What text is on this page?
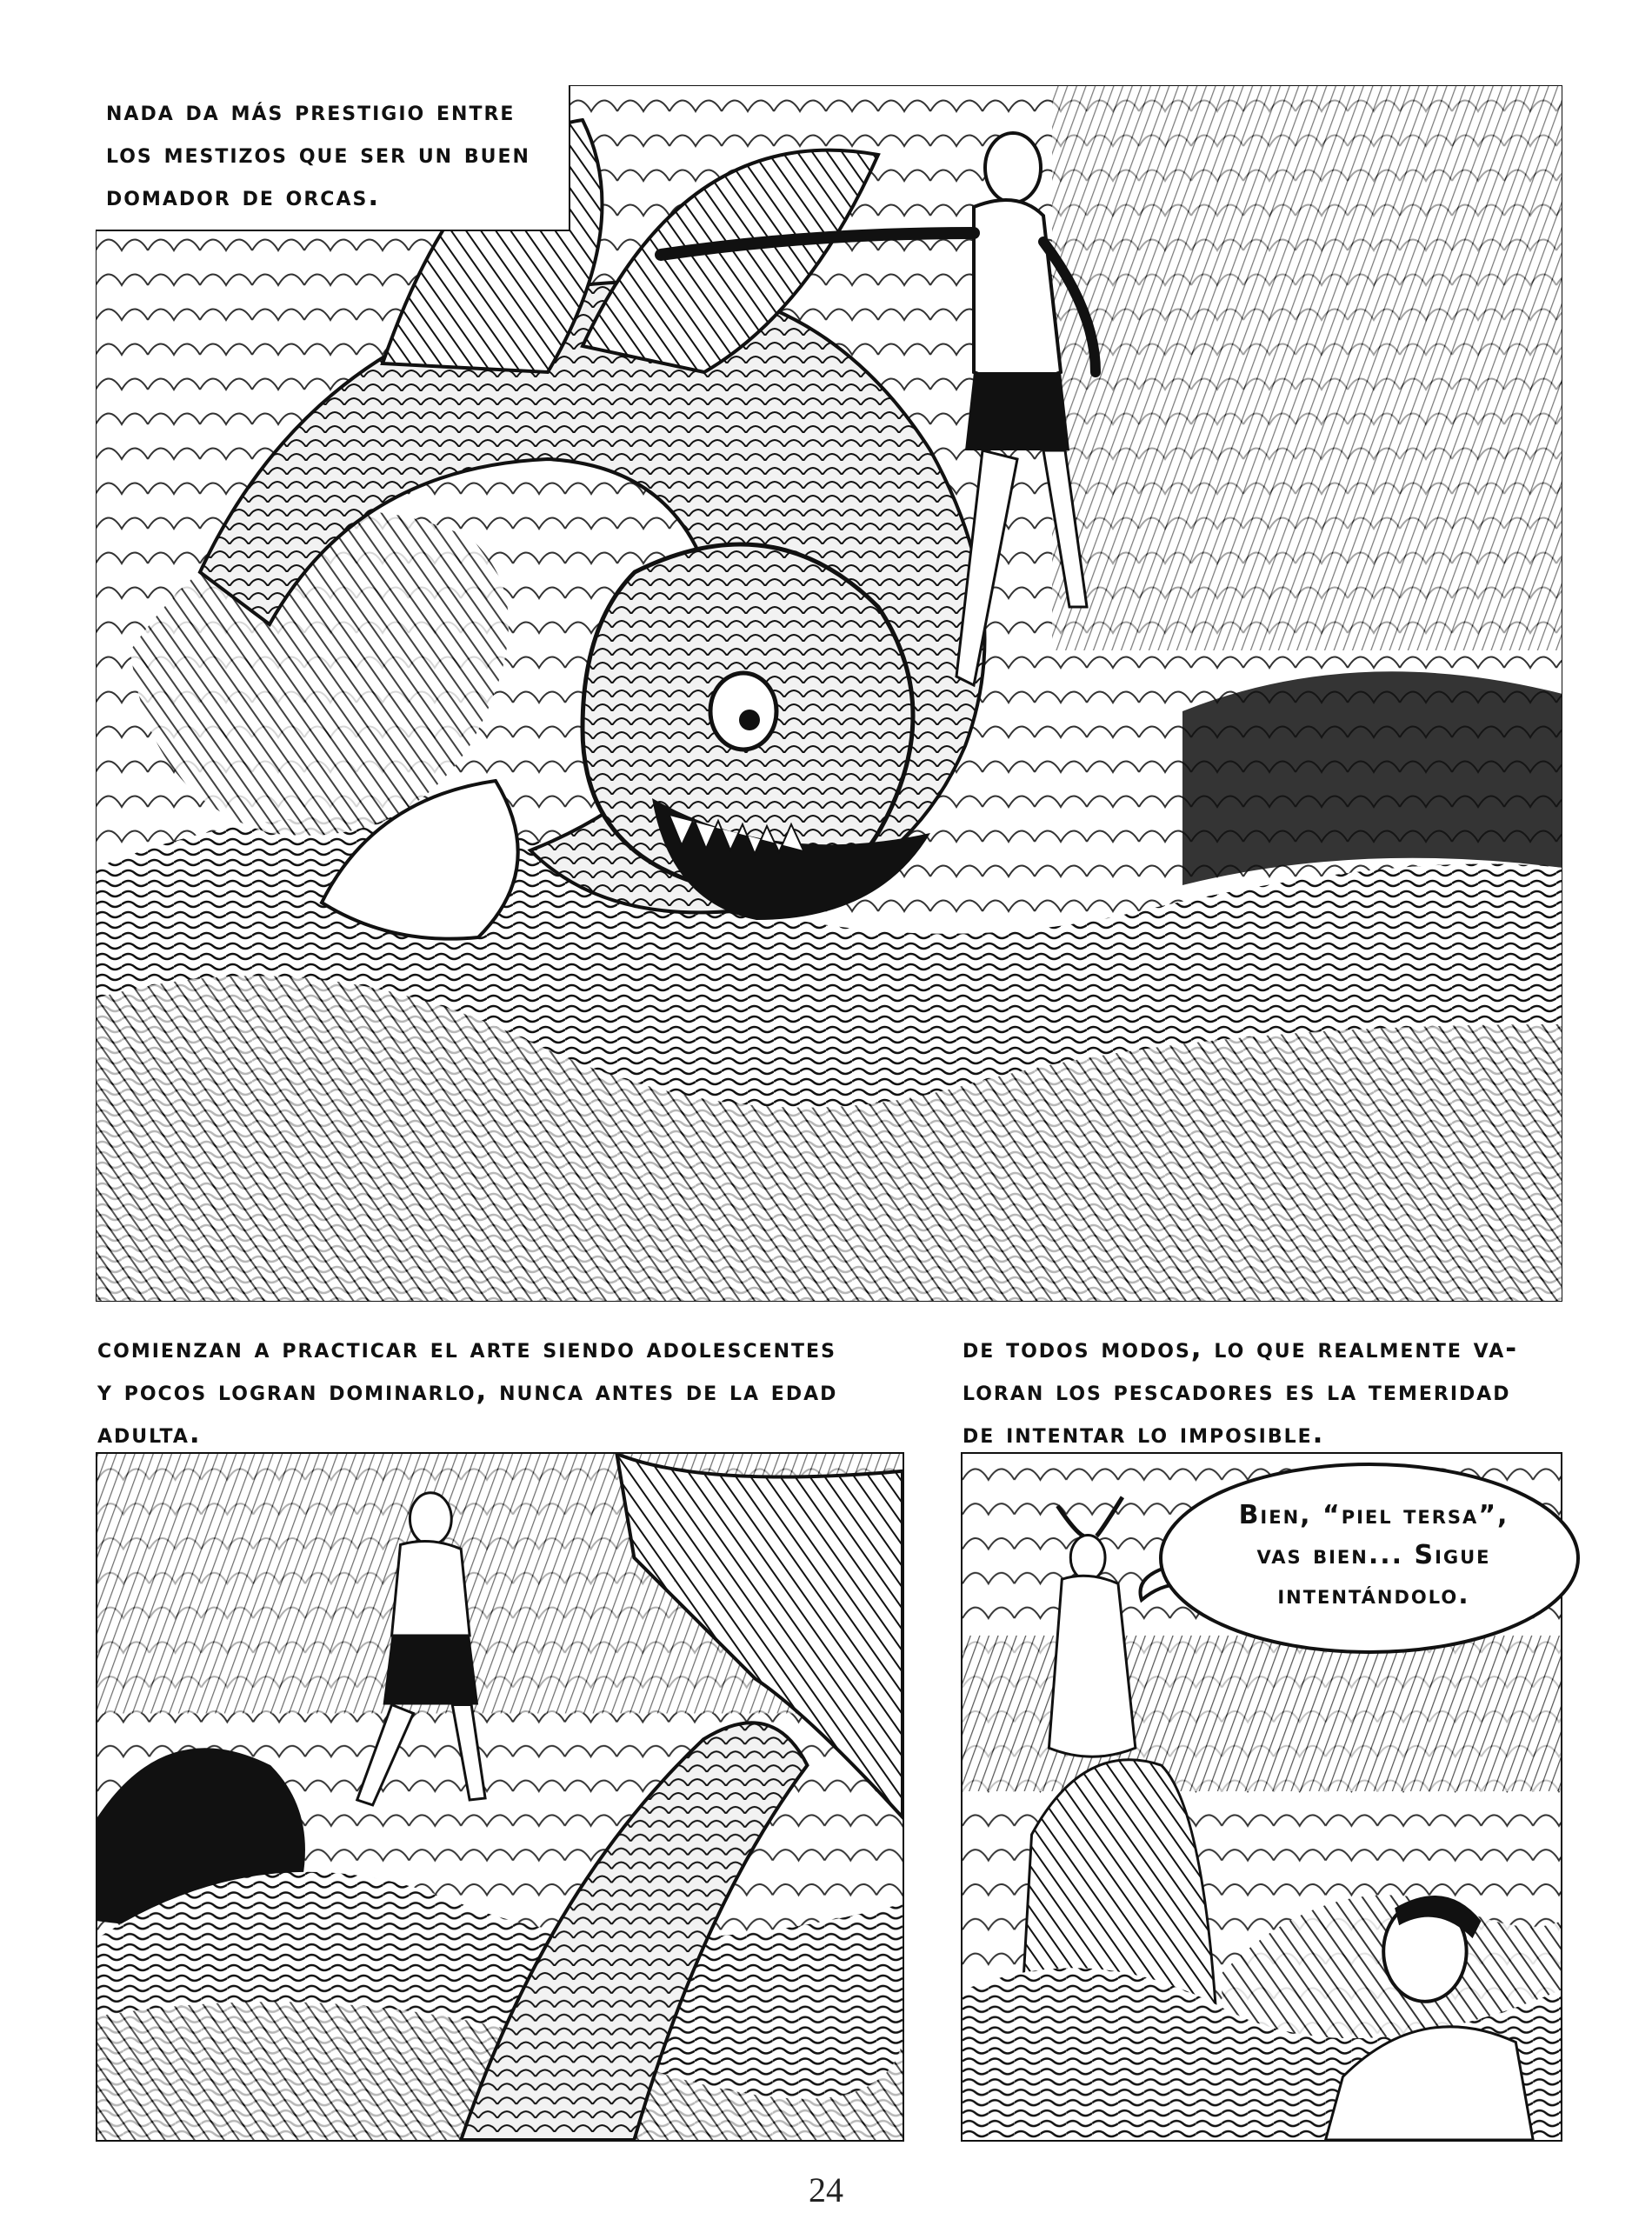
nada da más prestigio entre
los mestizos que ser un buen
domador de orcas.
comienzan a practicar el arte siendo adolescentes
y pocos logran dominarlo, nunca antes de la edad
adulta.
de todos modos, lo que realmente va-
loran los pescadores es la temeridad
de intentar lo imposible.
Bien, “piel tersa”,
vas bien... Sigue
intentándolo.
24
